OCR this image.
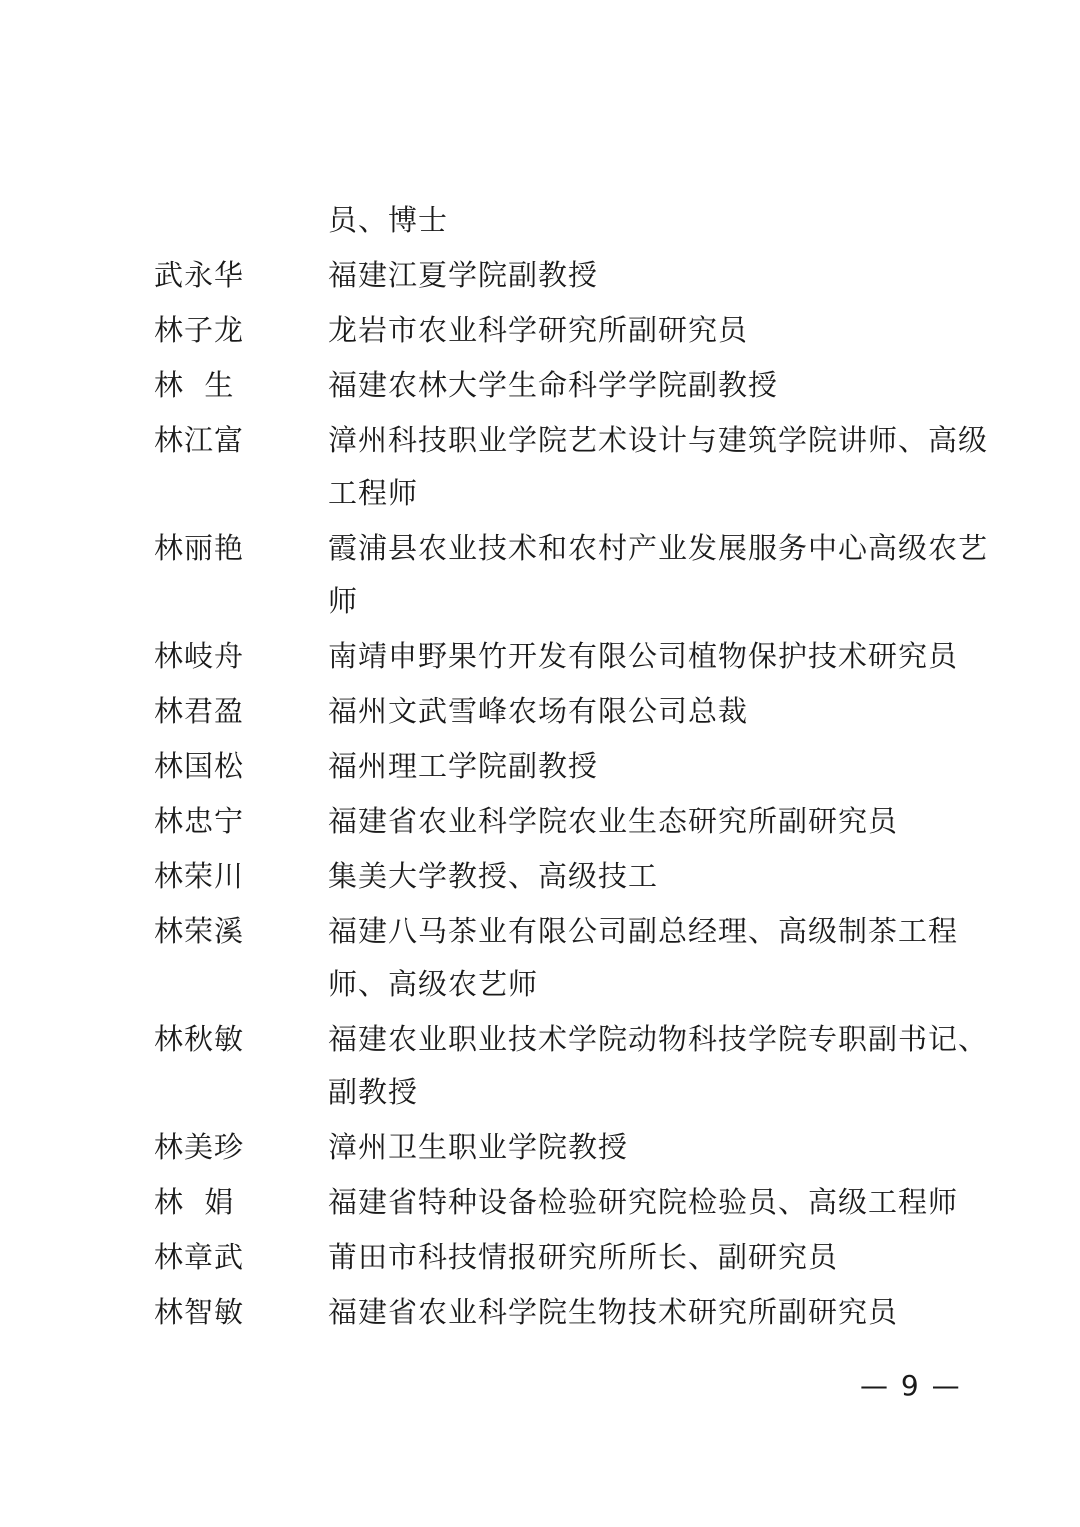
员、博士
武永华	福建江夏学院副教授
林子龙	龙岩市农业科学研究所副研究员
林  生	福建农林大学生命科学学院副教授
林江富	漳州科技职业学院艺术设计与建筑学院讲师、高级
工程师
林丽艳	霞浦县农业技术和农村产业发展服务中心高级农艺
师
林岐舟	南靖申野果竹开发有限公司植物保护技术研究员
林君盈	福州文武雪峰农场有限公司总裁
林国松	福州理工学院副教授
林忠宁	福建省农业科学院农业生态研究所副研究员
林荣川	集美大学教授、高级技工
林荣溪	福建八马茶业有限公司副总经理、高级制茶工程
师、高级农艺师
林秋敏	福建农业职业技术学院动物科技学院专职副书记、
副教授
林美珍	漳州卫生职业学院教授
林  娟	福建省特种设备检验研究院检验员、高级工程师
林章武	莆田市科技情报研究所所长、副研究员
林智敏	福建省农业科学院生物技术研究所副研究员
— 9 —
